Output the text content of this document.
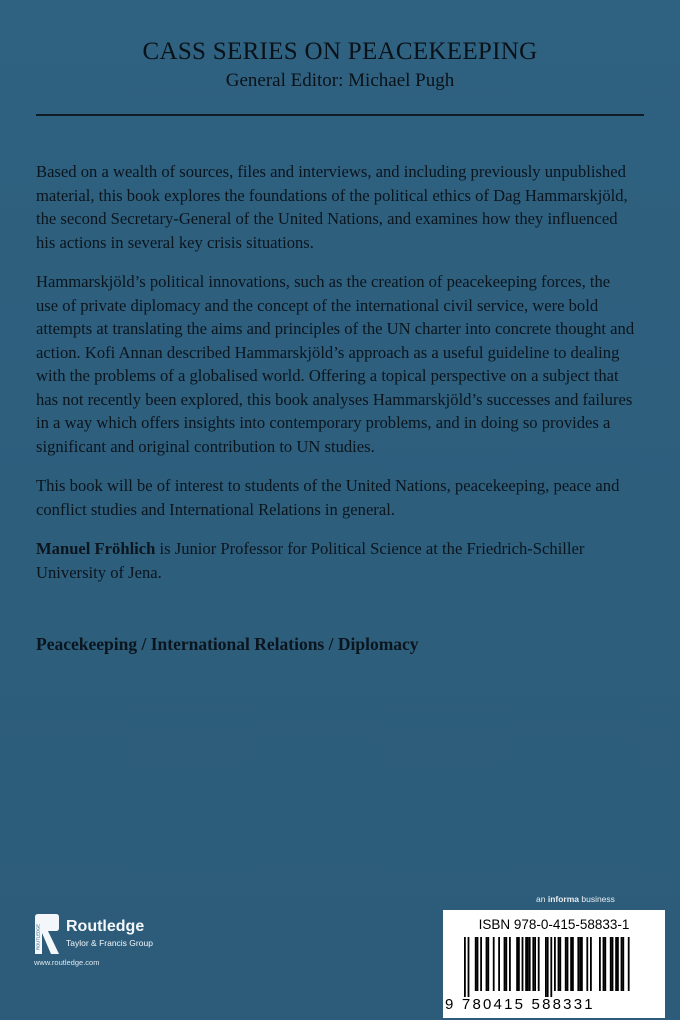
CASS SERIES ON PEACEKEEPING
General Editor: Michael Pugh

Based on a wealth of sources, files and interviews, and including previously unpublished material, this book explores the foundations of the political ethics of Dag Hammarskjöld, the second Secretary-General of the United Nations, and examines how they influenced his actions in several key crisis situations.

Hammarskjöld’s political innovations, such as the creation of peacekeeping forces, the use of private diplomacy and the concept of the international civil service, were bold attempts at translating the aims and principles of the UN charter into concrete thought and action. Kofi Annan described Hammarskjöld’s approach as a useful guideline to dealing with the problems of a globalised world. Offering a topical perspective on a subject that has not recently been explored, this book analyses Hammarskjöld’s successes and failures in a way which offers insights into contemporary problems, and in doing so provides a significant and original contribution to UN studies.

This book will be of interest to students of the United Nations, peacekeeping, peace and conflict studies and International Relations in general.

Manuel Fröhlich is Junior Professor for Political Science at the Friedrich-Schiller University of Jena.

Peacekeeping / International Relations / Diplomacy
an informa business
ROUTLEDGE Routledge
Taylor & Francis Group
www.routledge.com
ISBN 978-0-415-58833-1
9 780415 588331
